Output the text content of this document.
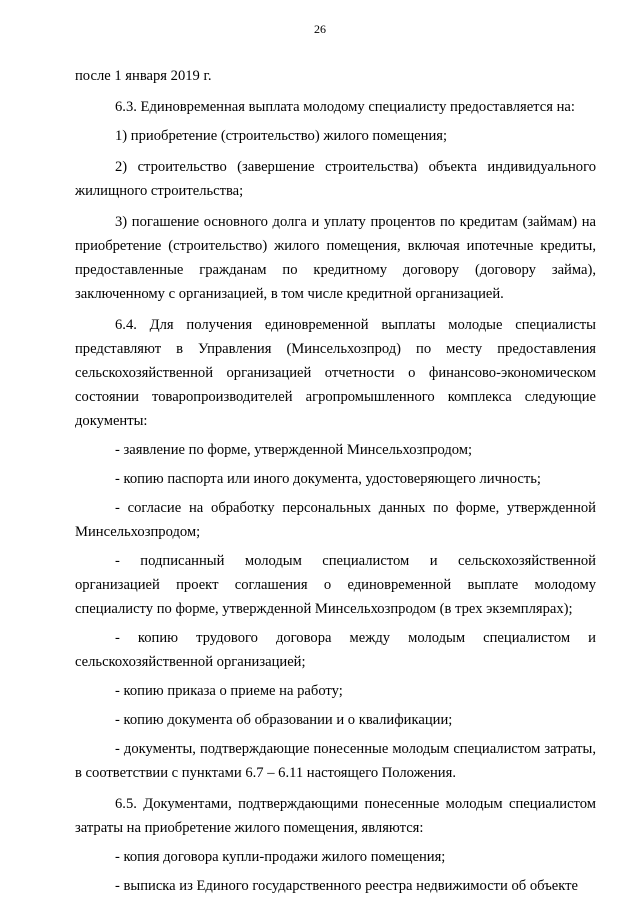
26

после 1 января 2019 г.

6.3. Единовременная выплата молодому специалисту предоставляется на:

1) приобретение (строительство) жилого помещения;

2) строительство (завершение строительства) объекта индивидуального жилищного строительства;

3) погашение основного долга и уплату процентов по кредитам (займам) на приобретение (строительство) жилого помещения, включая ипотечные кредиты, предоставленные гражданам по кредитному договору (договору займа), заключенному с организацией, в том числе кредитной организацией.

6.4. Для получения единовременной выплаты молодые специалисты представляют в Управления (Минсельхозпрод) по месту предоставления сельскохозяйственной организацией отчетности о финансово-экономическом состоянии товаропроизводителей агропромышленного комплекса следующие документы:

- заявление по форме, утвержденной Минсельхозпродом;

- копию паспорта или иного документа, удостоверяющего личность;

- согласие на обработку персональных данных по форме, утвержденной Минсельхозпродом;

- подписанный молодым специалистом и сельскохозяйственной организацией проект соглашения о единовременной выплате молодому специалисту по форме, утвержденной Минсельхозпродом (в трех экземплярах);

- копию трудового договора между молодым специалистом и сельскохозяйственной организацией;

- копию приказа о приеме на работу;

- копию документа об образовании и о квалификации;

- документы, подтверждающие понесенные молодым специалистом затраты, в соответствии с пунктами 6.7 – 6.11 настоящего Положения.

6.5. Документами, подтверждающими понесенные молодым специалистом затраты на приобретение жилого помещения, являются:

- копия договора купли-продажи жилого помещения;

- выписка из Единого государственного реестра недвижимости об объекте
